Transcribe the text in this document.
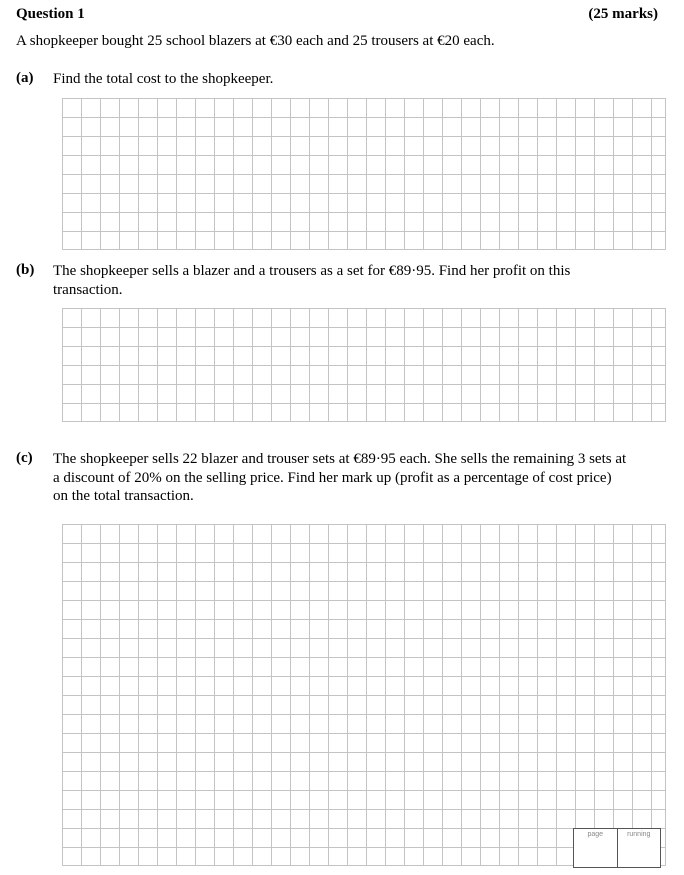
Question 1	(25 marks)
A shopkeeper bought 25 school blazers at €30 each and 25 trousers at €20 each.
(a) Find the total cost to the shopkeeper.
(b) The shopkeeper sells a blazer and a trousers as a set for €89·95. Find her profit on this
transaction.
(c) The shopkeeper sells 22 blazer and trouser sets at €89·95 each. She sells the remaining 3 sets at
a discount of 20% on the selling price. Find her mark up (profit as a percentage of cost price)
on the total transaction.
page	running
